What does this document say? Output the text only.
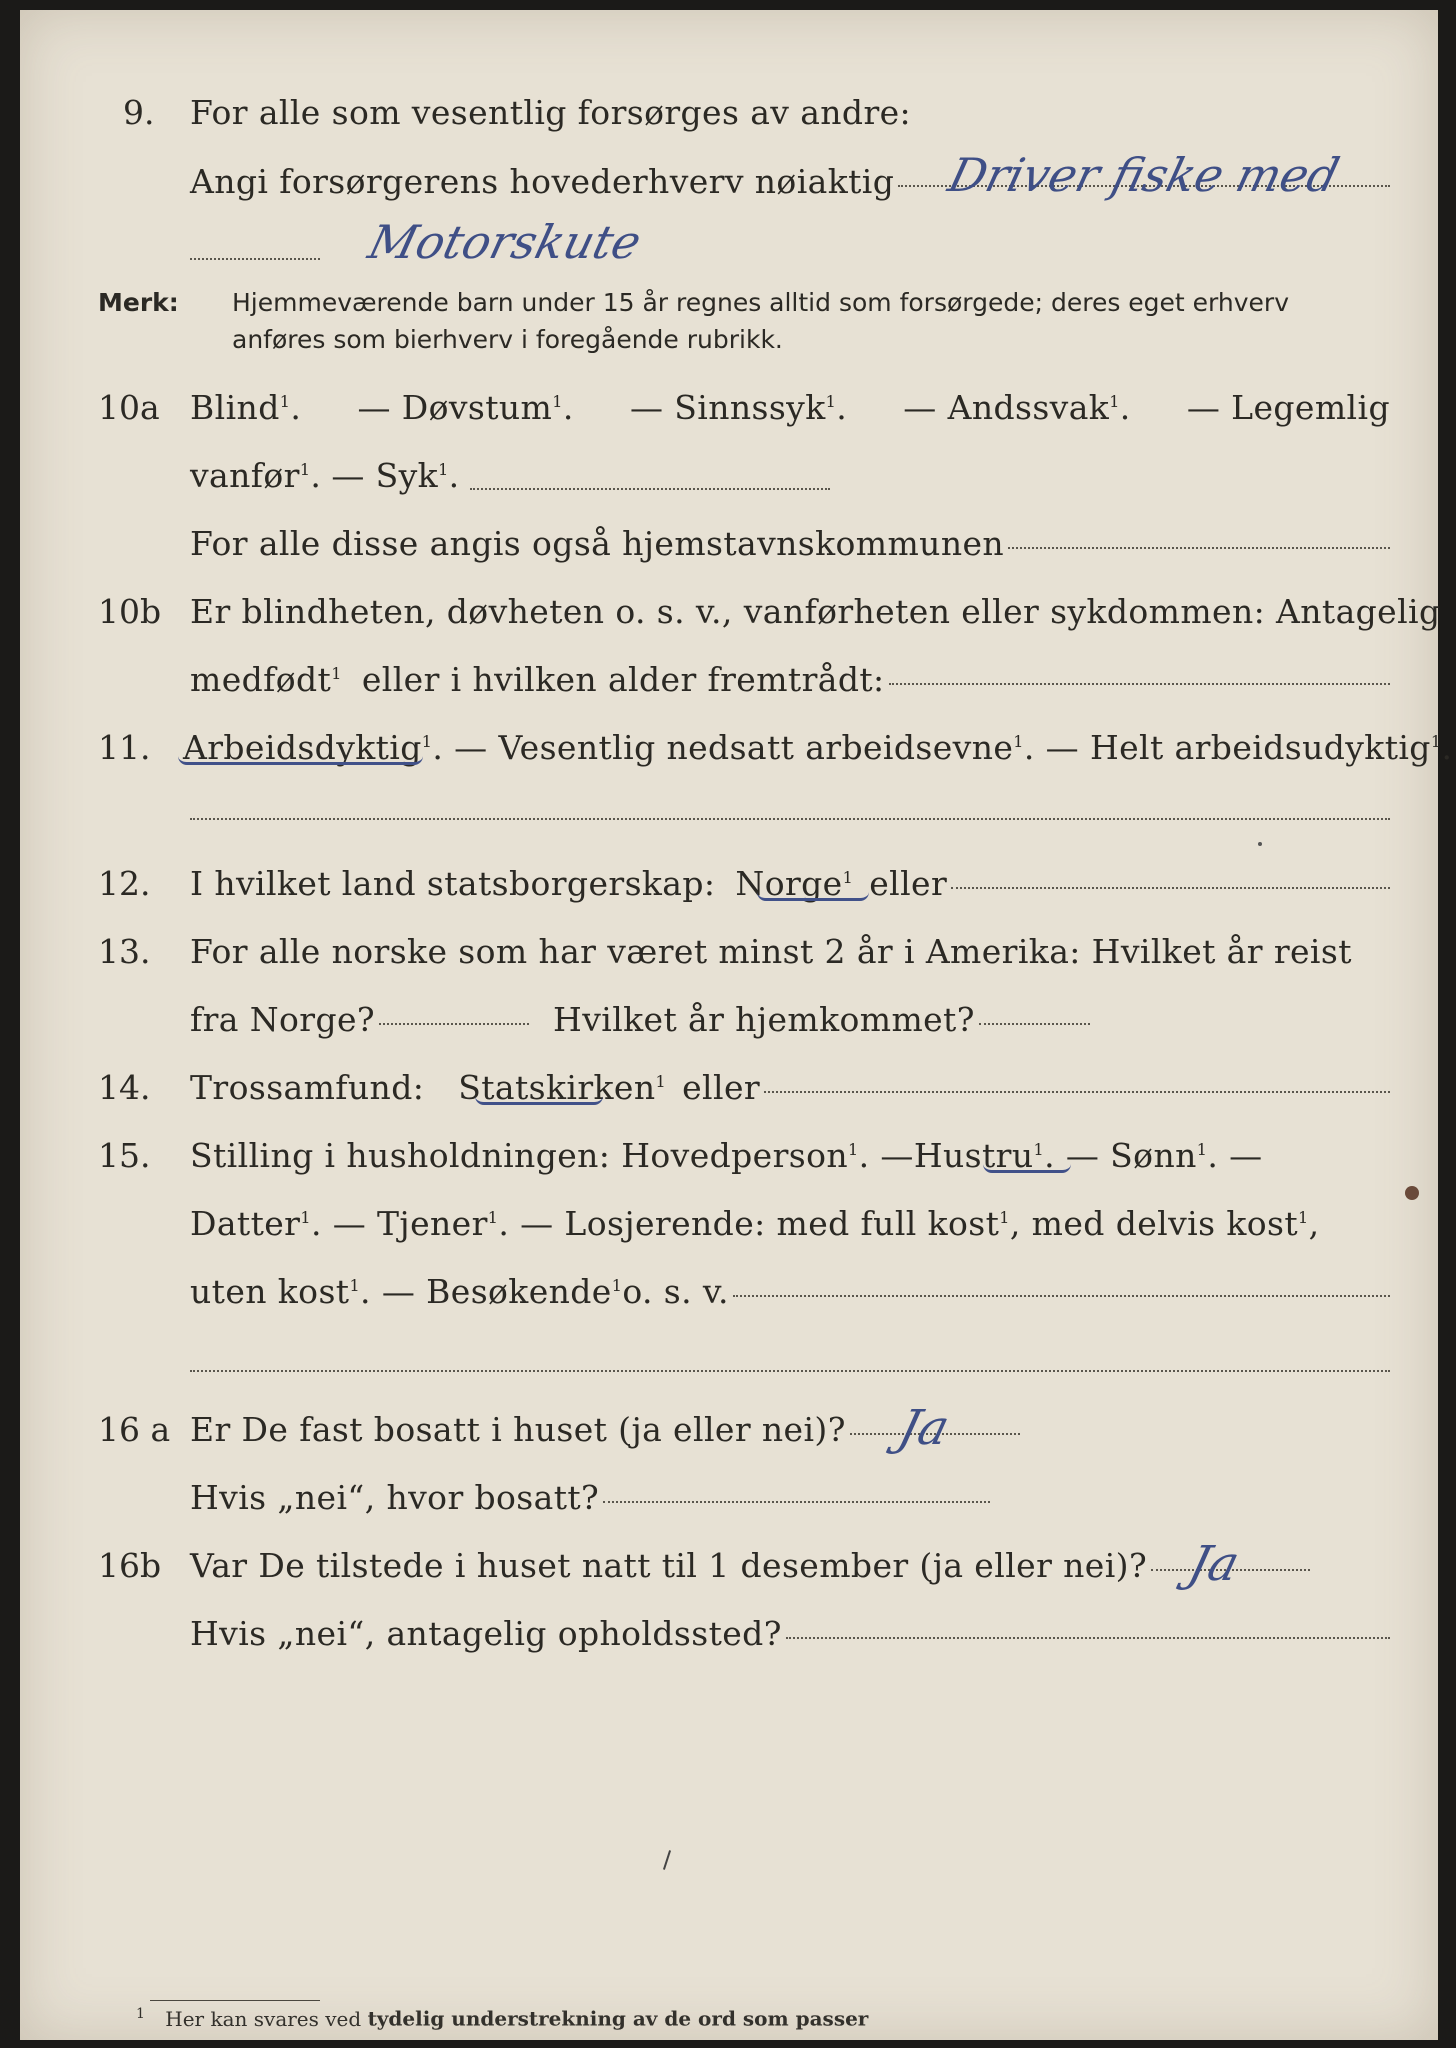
9. For alle som vesentlig forsørges av andre:
Angi forsørgerens hovederhverv nøiaktig Driver fiske med
Motorskute
Merk: Hjemmeværende barn under 15 år regnes alltid som forsørgede; deres eget erhverv
anføres som bierhverv i foregående rubrikk.
10a Blind$^1$. — Døvstum$^1$. — Sinnssyk$^1$. — Andssvak$^1$. — Legemlig
vanfør$^1$. — Syk$^1$.
For alle disse angis også hjemstavnskommunen
10b Er blindheten, døvheten o. s. v., vanførheten eller sykdommen: Antagelig
medfødt$^1$ eller i hvilken alder fremtrådt:
11. Arbeidsdyktig$^1$ . — Vesentlig nedsatt arbeidsevne$^1$ . — Helt arbeidsudyktig$^1$.
12. I hvilket land statsborgerskap: Norge$^1$ eller
13. For alle norske som har været minst 2 år i Amerika: Hvilket år reist
fra Norge?	Hvilket år hjemkommet?
14. Trossamfund: Statskirken$^1$ eller
15. Stilling i husholdningen: Hovedperson$^1$ . — Hustru$^1$ . — Sønn$^1$. —
Datter$^1$ . — Tjener$^1$ . — Losjerende: med full kost$^1$ , med delvis kost$^1$,
uten kost$^1$ . — Besøkende$^1$ o. s. v.
16 a Er De fast bosatt i huset (ja eller nei)? Ja
Hvis „nei“, hvor bosatt?
16b Var De tilstede i huset natt til 1 desember (ja eller nei)? Ja
Hvis „nei“, antagelig opholdssted?
$^1$ Her kan svares ved tydelig understrekning av de ord som passer
